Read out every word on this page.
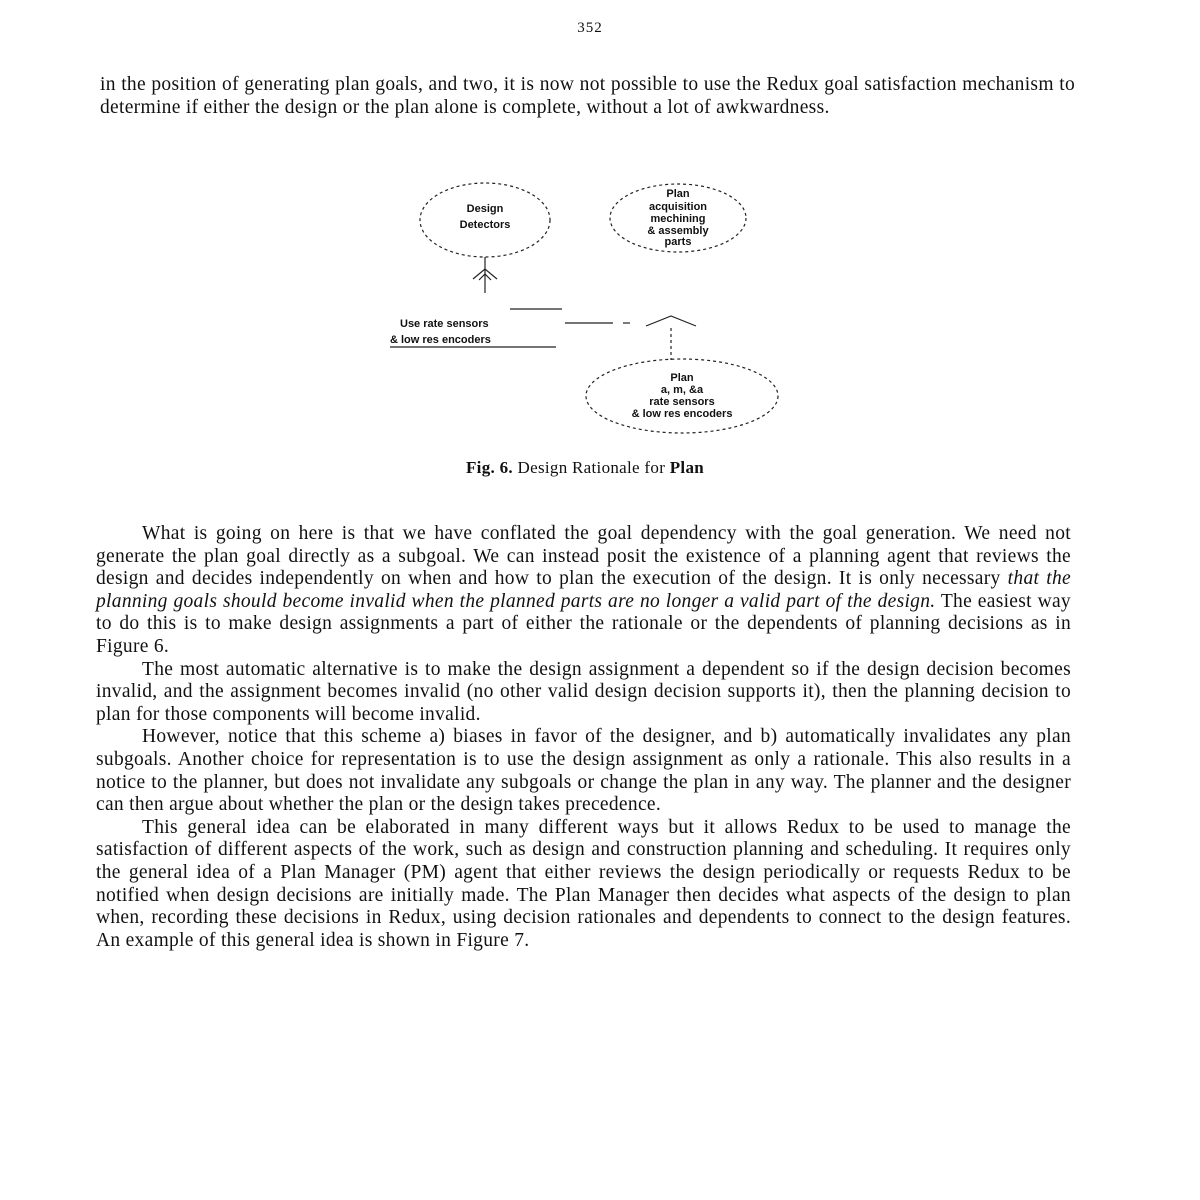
352

in the position of generating plan goals, and two, it is now not possible to use the Redux goal satisfaction mechanism to determine if either the design or the plan alone is complete, without a lot of awkwardness.

Design
Detectors
Plan
acquisition
mechining
& assembly
parts
Plan
a, m, &a
rate sensors
& low res encoders
Use rate sensors
& low res encoders
Fig. 6. Design Rationale for Plan

What is going on here is that we have conflated the goal dependency with the goal generation. We need not generate the plan goal directly as a subgoal. We can instead posit the existence of a planning agent that reviews the design and decides independently on when and how to plan the execution of the design. It is only necessary that the planning goals should become invalid when the planned parts are no longer a valid part of the design. The easiest way to do this is to make design assignments a part of either the rationale or the dependents of planning decisions as in Figure 6.

The most automatic alternative is to make the design assignment a dependent so if the design decision becomes invalid, and the assignment becomes invalid (no other valid design decision supports it), then the planning decision to plan for those components will become invalid.

However, notice that this scheme a) biases in favor of the designer, and b) automatically invalidates any plan subgoals. Another choice for representation is to use the design assignment as only a rationale. This also results in a notice to the planner, but does not invalidate any subgoals or change the plan in any way. The planner and the designer can then argue about whether the plan or the design takes precedence.

This general idea can be elaborated in many different ways but it allows Redux to be used to manage the satisfaction of different aspects of the work, such as design and construction planning and scheduling. It requires only the general idea of a Plan Manager (PM) agent that either reviews the design periodically or requests Redux to be notified when design decisions are initially made. The Plan Manager then decides what aspects of the design to plan when, recording these decisions in Redux, using decision rationales and dependents to connect to the design features. An example of this general idea is shown in Figure 7.
